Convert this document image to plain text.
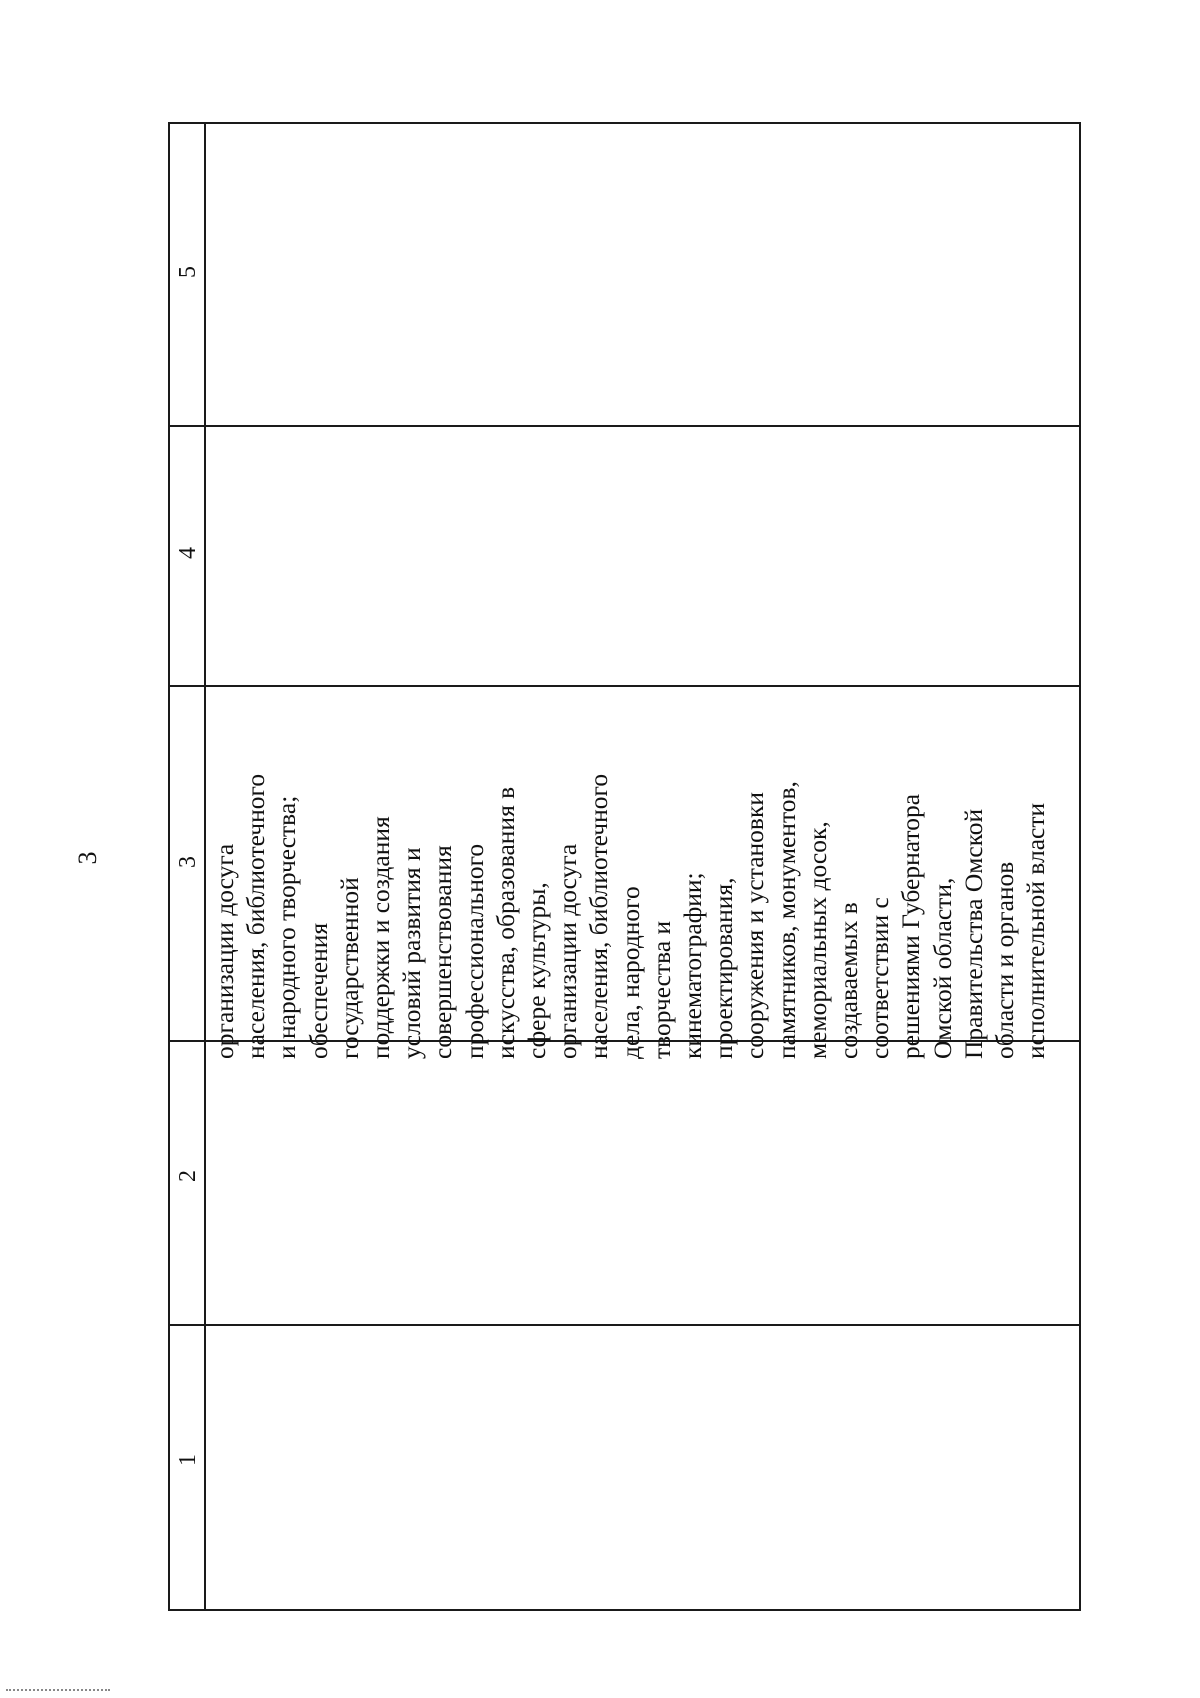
3
1
2
3
4
5

организации досуга населения, библиотечного и народного творчества; обеспечения государственной поддержки и создания условий развития и совершенствования профессионального искусства, образования в сфере культуры, организации досуга населения, библиотечного дела, народного творчества и кинематографии; проектирования, сооружения и установки памятников, монументов, мемориальных досок, создаваемых в соответствии с решениями Губернатора Омской области, Правительства Омской области и органов исполнительной власти
